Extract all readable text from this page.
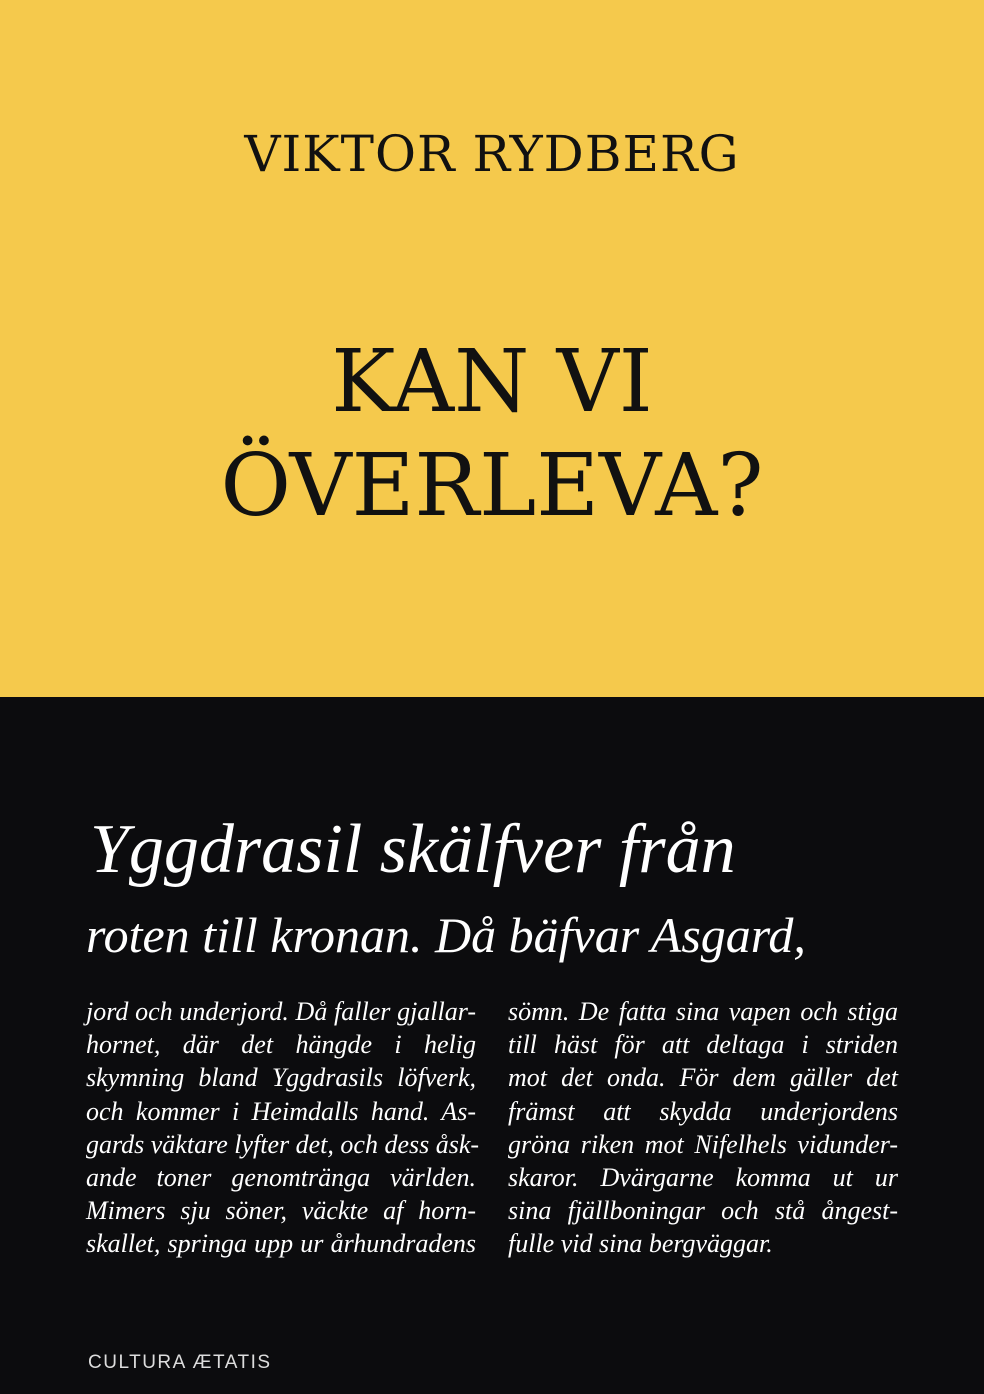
VIKTOR RYDBERG
KAN VI
ÖVERLEVA?
Yggdrasil skälfver från
roten till kronan. Då bäfvar Asgard,
jord och underjord. Då faller gjallar-
hornet, där det hängde i helig
skymning bland Yggdrasils löfverk,
och kommer i Heimdalls hand. As-
gards väktare lyfter det, och dess åsk-
ande toner genomtränga världen.
Mimers sju söner, väckte af horn-
skallet, springa upp ur århundradens
sömn. De fatta sina vapen och stiga
till häst för att deltaga i striden
mot det onda. För dem gäller det
främst att skydda underjordens
gröna riken mot Nifelhels vidunder-
skaror. Dvärgarne komma ut ur
sina fjällboningar och stå ångest-
fulle vid sina bergväggar.
CULTURA ÆTATIS
